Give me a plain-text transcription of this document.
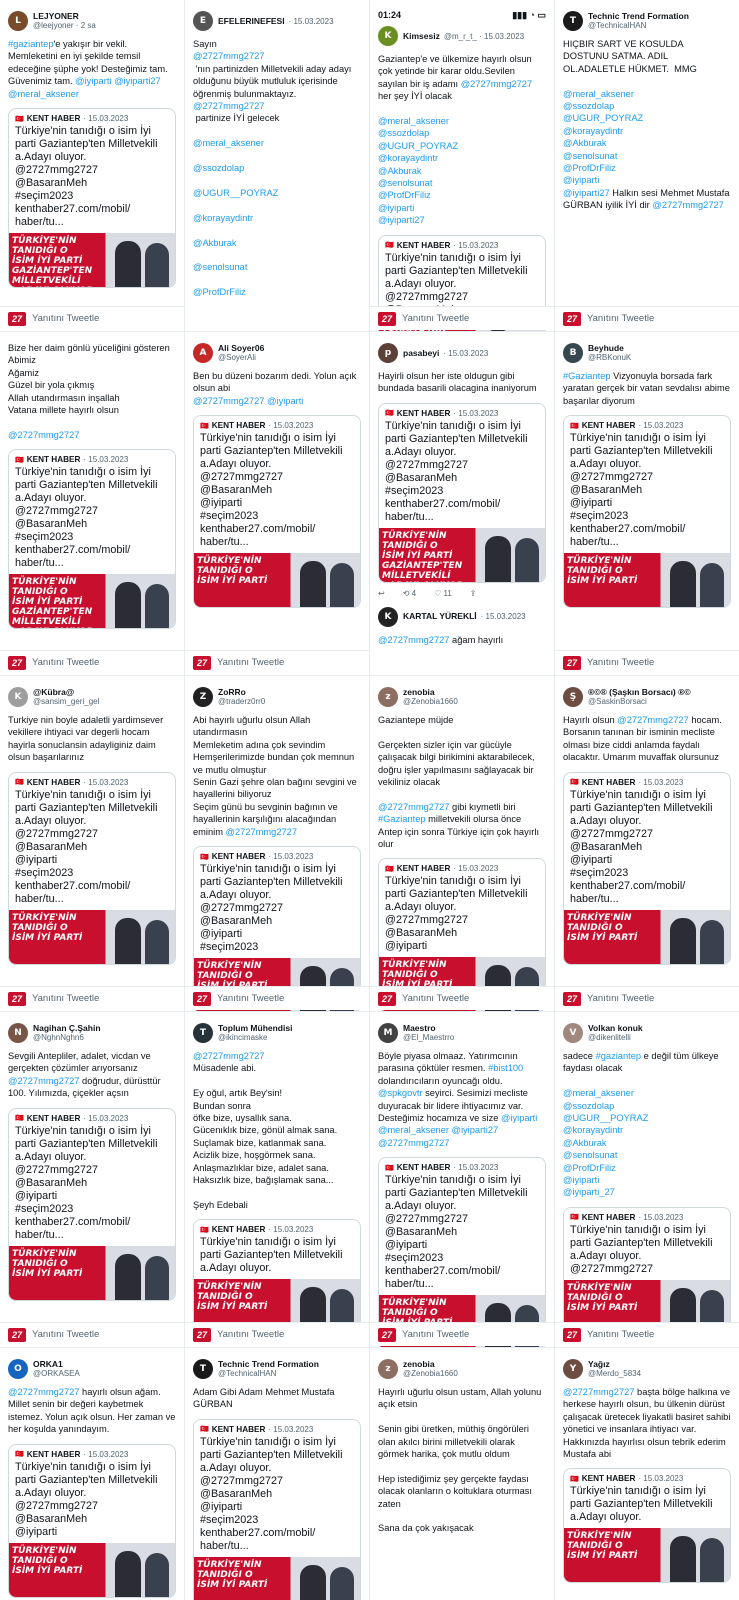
L	LEJYONER
@leejyoner · 2 sa
#gaziantep'e yakışır bir vekil. Memleketini en iyi şekilde temsil edeceğine şüphe yok! Desteğimiz tam. Güvenimiz tam. @iyiparti @iyiparti27 @meral_aksener
🇹🇷 KENT HABER · 15.03.2023
Türkiye'nin tanıdığı o isim İyi parti Gaziantep'ten Milletvekili a.Adayı oluyor.
@2727mmg2727
@BasaranMeh
#seçim2023
kenthaber27.com/mobil/
haber/tu...
TÜRKİYE'NİN
TANIDIĞI O
İSİM İYİ PARTİ
GAZİANTEP'TEN
MİLLETVEKİLİ

E	EFELERINEFESI · 15.03.2023
Sayın
@2727mmg2727
'nın partinizden Milletvekili aday adayı olduğunu büyük mutluluk içerisinde öğrenmiş bulunmaktayız.
@2727mmg2727
partinize İYİ gelecek

@meral_aksener

@ssozdolap

@UGUR__POYRAZ

@korayaydintr

@Akburak

@senolsunat

@ProfDrFiliz
01:24	▮▮▮ ◔ ▭
K	Kimsesiz @m_r_t_ · 15.03.2023
Gaziantep'e ve ülkemize hayırlı olsun çok yetinde bir karar oldu.Sevilen sayılan bir iş adamı @2727mmg2727 her şey İYİ olacak

@meral_aksener
@ssozdolap
@UGUR_POYRAZ
@korayaydintr
@Akburak
@senolsunat
@ProfDrFiliz
@iyiparti
@iyiparti27
🇹🇷 KENT HABER · 15.03.2023
Türkiye'nin tanıdığı o isim İyi parti Gaziantep'ten Milletvekili a.Adayı oluyor.
@2727mmg2727

T	Technic Trend Formation
@TechnicalHAN
HIÇBIR SART VE KOSULDA DOSTUNU SATMA. ADIL OL.ADALETLE HÜKMET.  MMG

@meral_aksener
@ssozdolap
@UGUR_POYRAZ
@korayaydintr
@Akburak
@senolsunat
@ProfDrFiliz
@iyiparti
@iyiparti27 Halkın sesi Mehmet Mustafa GÜRBAN iyilik İYİ dir @2727mmg2727
Bize her daim gönlü yüceliğini gösteren
Abimiz
Ağamiz
Güzel bir yola çıkmış
Allah utandırmasın inşallah
Vatana millete hayırlı olsun

@2727mmg2727
🇹🇷 KENT HABER · 15.03.2023
Türkiye'nin tanıdığı o isim İyi parti Gaziantep'ten Milletvekili a.Adayı oluyor.
@2727mmg2727
@BasaranMeh
#seçim2023
kenthaber27.com/mobil/
haber/tu...
TÜRKİYE'NİN
TANIDIĞI O
İSİM İYİ PARTİ
GAZİANTEP'TEN
MİLLETVEKİLİ

A	Ali Soyer06
@SoyerAli
Ben bu düzeni bozarım dedi. Yolun açık olsun abi
@2727mmg2727 @iyiparti
🇹🇷 KENT HABER · 15.03.2023
Türkiye'nin tanıdığı o isim İyi parti Gaziantep'ten Milletvekili a.Adayı oluyor.
@2727mmg2727
@BasaranMeh
@iyiparti
#seçim2023
kenthaber27.com/mobil/
haber/tu...
TÜRKİYE'NİN
TANIDIĞI O
İSİM İYİ PARTİ
p	pasabeyi · 15.03.2023
Hayirli olsun her iste oldugun gibi bundada basarili olacagina inaniyorum
🇹🇷 KENT HABER · 15.03.2023
Türkiye'nin tanıdığı o isim İyi parti Gaziantep'ten Milletvekili a.Adayı oluyor.
@2727mmg2727
@BasaranMeh
#seçim2023
kenthaber27.com/mobil/
haber/tu...
TÜRKİYE'NİN
TANIDIĞI O
İSİM İYİ PARTİ
GAZİANTEP'TEN
MİLLETVEKİLİ

↩ ⟲ 4 ♡ 11 ⇪
K	KARTAL YÜREKLİ · 15.03.2023
@2727mmg2727 ağam hayırlı
B	Beyhude
@RBKonuK
#Gaziantep Vizyonuyla borsada fark yaratan gerçek bir vatan sevdalısı abime başarılar diyorum
🇹🇷 KENT HABER · 15.03.2023
Türkiye'nin tanıdığı o isim İyi parti Gaziantep'ten Milletvekili a.Adayı oluyor.
@2727mmg2727
@BasaranMeh
@iyiparti
#seçim2023
kenthaber27.com/mobil/
haber/tu...
TÜRKİYE'NİN
TANIDIĞI O
İSİM İYİ PARTİ
K	@Kübra@
@sansim_geri_gel
Turkiye nin boyle adaletli yardimsever vekillere ihtiyaci var degerli hocam hayirla sonuclansin adayliginiz daim olsun başarılarınız
🇹🇷 KENT HABER · 15.03.2023
Türkiye'nin tanıdığı o isim İyi parti Gaziantep'ten Milletvekili a.Adayı oluyor.
@2727mmg2727
@BasaranMeh
@iyiparti
#seçim2023
kenthaber27.com/mobil/
haber/tu...
TÜRKİYE'NİN
TANIDIĞI O
İSİM İYİ PARTİ
Z	ZoRRo
@traderz0rr0
Abi hayırlı uğurlu olsun Allah utandırmasın
Memleketim adına çok sevindim Hemşerilerimizde bundan çok memnun ve mutlu olmuştur
Senin Gazi şehre olan bağını sevgini ve hayallerini biliyoruz
Seçim günü bu sevginin bağının ve hayallerinin karşılığını alacağından eminim @2727mmg2727
🇹🇷 KENT HABER · 15.03.2023
Türkiye'nin tanıdığı o isim İyi parti Gaziantep'ten Milletvekili a.Adayı oluyor.
@2727mmg2727
@BasaranMeh
@iyiparti
#seçim2023
TÜRKİYE'NİN
TANIDIĞI O

z	zenobia
@Zenobia1660
Gaziantepe müjde

Gerçekten sizler için var gücüyle çalışacak bilgi birikimini aktarabilecek, doğru işler yapılmasını sağlayacak bir vekiliniz olacak

@2727mmg2727 gibi kıymetli biri #Gaziantep milletvekili olursa önce Antep için sonra Türkiye için çok hayırlı olur
🇹🇷 KENT HABER · 15.03.2023
Türkiye'nin tanıdığı o isim İyi parti Gaziantep'ten Milletvekili a.Adayı oluyor.
@2727mmg2727
@BasaranMeh
@iyiparti
TÜRKİYE'NİN
TANIDIĞI O

Ş	®©® (Şaşkın Borsacı) ®©
@SaskinBorsaci
Hayırlı olsun @2727mmg2727 hocam. Borsanın tanınan bir isminin mecliste olması bize ciddi anlamda faydalı olacaktır. Umarım muvaffak olursunuz
🇹🇷 KENT HABER · 15.03.2023
Türkiye'nin tanıdığı o isim İyi parti Gaziantep'ten Milletvekili a.Adayı oluyor.
@2727mmg2727
@BasaranMeh
@iyiparti
#seçim2023
kenthaber27.com/mobil/
haber/tu...
TÜRKİYE'NİN
TANIDIĞI O
İSİM İYİ PARTİ
N	Nagihan Ç.Şahin
@NghnNghn6
Sevgili Antepliler, adalet, vicdan ve gerçekten çözümler arıyorsanız @2727mmg2727 doğrudur, dürüsttür 100. Yılımızda, çiçekler açsın
🇹🇷 KENT HABER · 15.03.2023
Türkiye'nin tanıdığı o isim İyi parti Gaziantep'ten Milletvekili a.Adayı oluyor.
@2727mmg2727
@BasaranMeh
@iyiparti
#seçim2023
kenthaber27.com/mobil/
haber/tu...
TÜRKİYE'NİN
TANIDIĞI O
İSİM İYİ PARTİ
T	Toplum Mühendisi
@ikincimaske
@2727mmg2727
Müsadenle abi.

Ey oğul, artık Bey'sin!
Bundan sonra
öfke bize, uysallık sana.
Gücenıklık bize, gönül almak sana.
Suçlamak bize, katlanmak sana.
Acizlik bize, hoşgörmek sana.
Anlaşmazlıklar bize, adalet sana.
Haksızlık bize, bağışlamak sana...

Şeyh Edebali
🇹🇷 KENT HABER · 15.03.2023
Türkiye'nin tanıdığı o isim İyi parti Gaziantep'ten Milletvekili a.Adayı oluyor.
TÜRKİYE'NİN
TANIDIĞI O
İSİM İYİ PARTİ
M	Maestro
@El_Maestrro
Böyle piyasa olmaaz. Yatırımcının parasına çöktüler resmen. #bist100 dolandırıcıların oyuncağı oldu. @spkgovtr seyirci. Sesimizi mecliste duyuracak bir lidere ihtiyacımız var. Desteğimiz hocamıza ve size @iyiparti @meral_aksener @iyiparti27 @2727mmg2727
🇹🇷 KENT HABER · 15.03.2023
Türkiye'nin tanıdığı o isim İyi parti Gaziantep'ten Milletvekili a.Adayı oluyor.
@2727mmg2727
@BasaranMeh
@iyiparti
#seçim2023
kenthaber27.com/mobil/
haber/tu...
TÜRKİYE'NİN
TANIDIĞI O

V	Volkan konuk
@dikenlitelli
sadece #gaziantep e değil tüm ülkeye faydası olacak

@meral_aksener
@ssozdolap
@UGUR__POYRAZ
@korayaydintr
@Akburak
@senolsunat
@ProfDrFiliz
@iyiparti
@iyiparti_27
🇹🇷 KENT HABER · 15.03.2023
Türkiye'nin tanıdığı o isim İyi parti Gaziantep'ten Milletvekili a.Adayı oluyor.
@2727mmg2727
TÜRKİYE'NİN
TANIDIĞI O
İSİM İYİ PARTİ
O	ORKA1
@ORKASEA
@2727mmg2727 hayırlı olsun ağam. Millet senin bir değeri kaybetmek istemez. Yolun açık olsun. Her zaman ve her koşulda yanındayım.
🇹🇷 KENT HABER · 15.03.2023
Türkiye'nin tanıdığı o isim İyi parti Gaziantep'ten Milletvekili a.Adayı oluyor.
@2727mmg2727
@BasaranMeh
@iyiparti
TÜRKİYE'NİN
TANIDIĞI O
İSİM İYİ PARTİ
T	Technic Trend Formation
@TechnicalHAN
Adam Gibi Adam Mehmet Mustafa GÜRBAN
🇹🇷 KENT HABER · 15.03.2023
Türkiye'nin tanıdığı o isim İyi parti Gaziantep'ten Milletvekili a.Adayı oluyor.
@2727mmg2727
@BasaranMeh
@iyiparti
#seçim2023
kenthaber27.com/mobil/
haber/tu...
TÜRKİYE'NİN
TANIDIĞI O
İSİM İYİ PARTİ
z	zenobia
@Zenobia1660
Hayırlı uğurlu olsun ustam, Allah yolunu açık etsin

Senin gibi üretken, müthiş öngörüleri olan akılcı birini milletvekili olarak görmek harika, çok mutlu oldum

Hep istediğimiz şey gerçekte faydası olacak olanların o koltuklara oturması zaten

Sana da çok yakışacak
Y	Yağız
@Merdo_5834
@2727mmg2727 başta bölge halkına ve herkese hayırlı olsun, bu ülkenin dürüst çalışacak üretecek liyakatli basiret sahibi yönetici ve insanlara ihtiyacı var. Hakkınızda hayırlısı olsun tebrik ederim Mustafa abi
🇹🇷 KENT HABER · 15.03.2023
Türkiye'nin tanıdığı o isim İyi parti Gaziantep'ten Milletvekili a.Adayı oluyor.
TÜRKİYE'NİN
TANIDIĞI O
İSİM İYİ PARTİ
27	Yanıtını Tweetle	27	Yanıtını Tweetle	27	Yanıtını Tweetle
27	Yanıtını Tweetle	27	Yanıtını Tweetle	27	Yanıtını Tweetle
27	Yanıtını Tweetle	27	Yanıtını Tweetle	27	Yanıtını Tweetle	27	Yanıtını Tweetle
27	Yanıtını Tweetle	27	Yanıtını Tweetle	27	Yanıtını Tweetle	27	Yanıtını Tweetle
